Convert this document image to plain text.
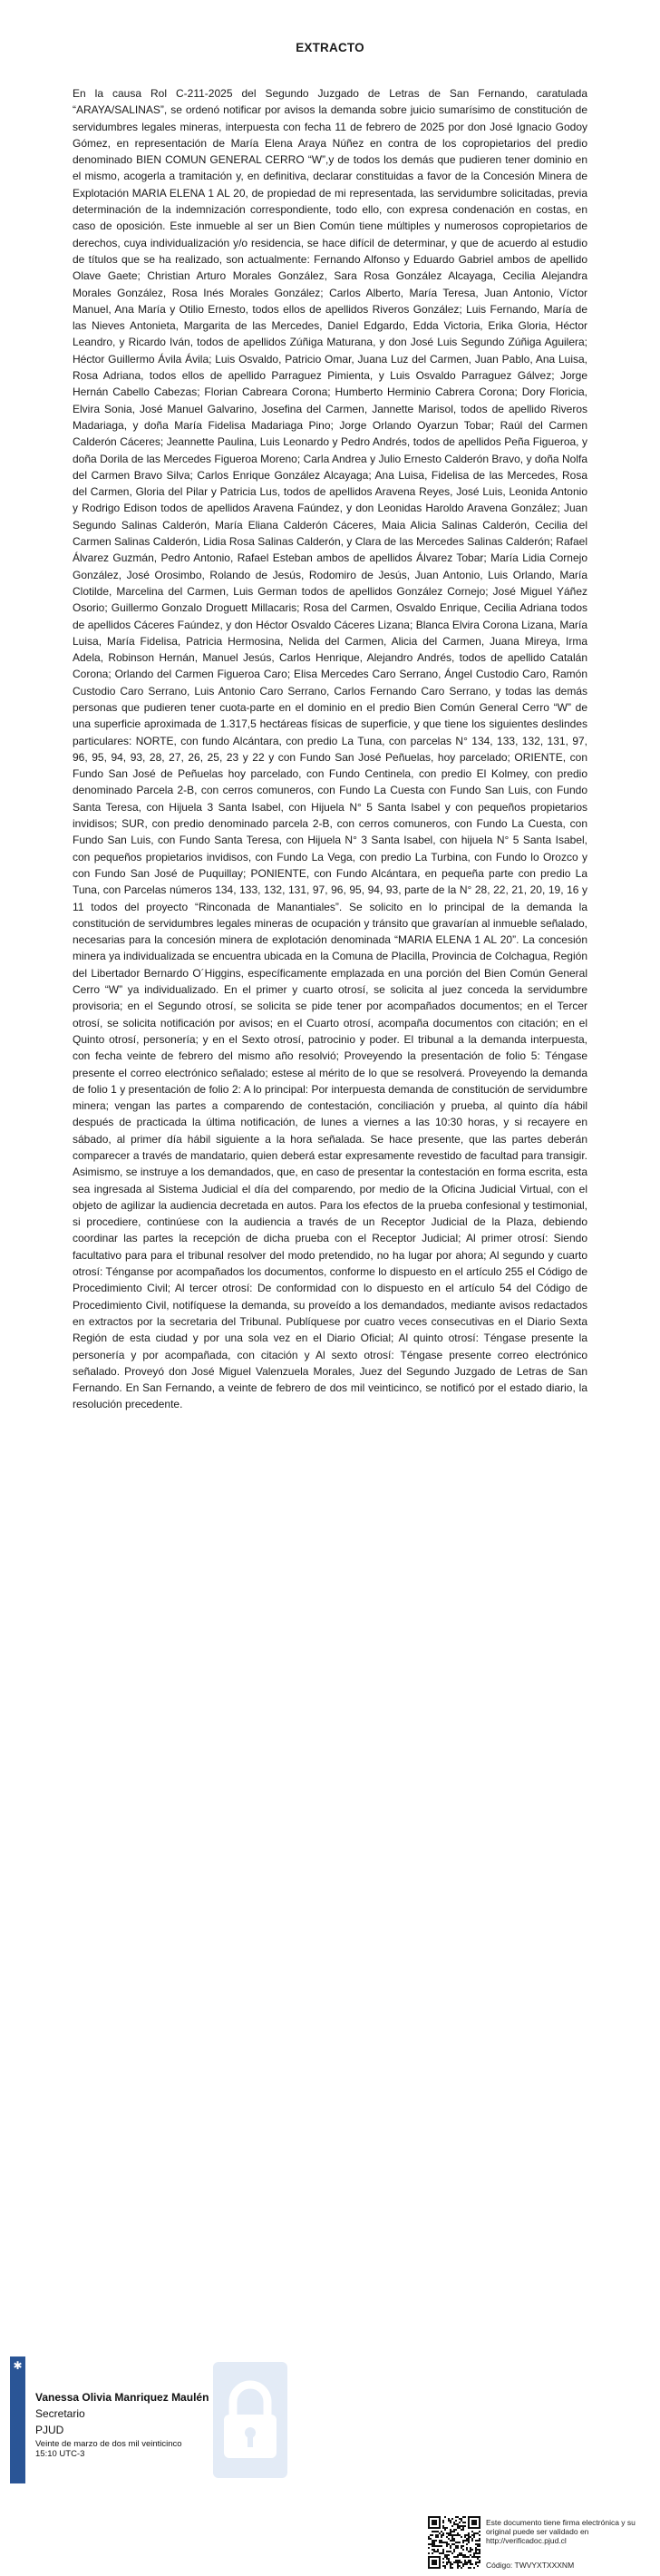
EXTRACTO
En la causa Rol C-211-2025 del Segundo Juzgado de Letras de San Fernando, caratulada “ARAYA/SALINAS”, se ordenó notificar por avisos la demanda sobre juicio sumarísimo de constitución de servidumbres legales mineras, interpuesta con fecha 11 de febrero de 2025 por don José Ignacio Godoy Gómez, en representación de María Elena Araya Núñez en contra de los copropietarios del predio denominado BIEN COMUN GENERAL CERRO “W”,y de todos los demás que pudieren tener dominio en el mismo, acogerla a tramitación y, en definitiva, declarar constituidas a favor de la Concesión Minera de Explotación MARIA ELENA 1 AL 20, de propiedad de mi representada, las servidumbre solicitadas, previa determinación de la indemnización correspondiente, todo ello, con expresa condenación en costas, en caso de oposición. Este inmueble al ser un Bien Común tiene múltiples y numerosos copropietarios de derechos, cuya individualización y/o residencia, se hace difícil de determinar, y que de acuerdo al estudio de títulos que se ha realizado, son actualmente: Fernando Alfonso y Eduardo Gabriel ambos de apellido Olave Gaete; Christian Arturo Morales González, Sara Rosa González Alcayaga, Cecilia Alejandra Morales González, Rosa Inés Morales González; Carlos Alberto, María Teresa, Juan Antonio, Víctor Manuel, Ana María y Otilio Ernesto, todos ellos de apellidos Riveros González; Luis Fernando, María de las Nieves Antonieta, Margarita de las Mercedes, Daniel Edgardo, Edda Victoria, Erika Gloria, Héctor Leandro, y Ricardo Iván, todos de apellidos Zúñiga Maturana, y don José Luis Segundo Zúñiga Aguilera; Héctor Guillermo Ávila Ávila; Luis Osvaldo, Patricio Omar, Juana Luz del Carmen, Juan Pablo, Ana Luisa, Rosa Adriana, todos ellos de apellido Parraguez Pimienta, y Luis Osvaldo Parraguez Gálvez; Jorge Hernán Cabello Cabezas; Florian Cabreara Corona; Humberto Herminio Cabrera Corona; Dory Floricia, Elvira Sonia, José Manuel Galvarino, Josefina del Carmen, Jannette Marisol, todos de apellido Riveros Madariaga, y doña María Fidelisa Madariaga Pino; Jorge Orlando Oyarzun Tobar; Raúl del Carmen Calderón Cáceres; Jeannette Paulina, Luis Leonardo y Pedro Andrés, todos de apellidos Peña Figueroa, y doña Dorila de las Mercedes Figueroa Moreno; Carla Andrea y Julio Ernesto Calderón Bravo, y doña Nolfa del Carmen Bravo Silva; Carlos Enrique González Alcayaga; Ana Luisa, Fidelisa de las Mercedes, Rosa del Carmen, Gloria del Pilar y Patricia Lus, todos de apellidos Aravena Reyes, José Luis, Leonida Antonio y Rodrigo Edison todos de apellidos Aravena Faúndez, y don Leonidas Haroldo Aravena González; Juan Segundo Salinas Calderón, María Eliana Calderón Cáceres, Maia Alicia Salinas Calderón, Cecilia del Carmen Salinas Calderón, Lidia Rosa Salinas Calderón, y Clara de las Mercedes Salinas Calderón; Rafael Álvarez Guzmán, Pedro Antonio, Rafael Esteban ambos de apellidos Álvarez Tobar; María Lidia Cornejo González, José Orosimbo, Rolando de Jesús, Rodomiro de Jesús, Juan Antonio, Luis Orlando, María Clotilde, Marcelina del Carmen, Luis German todos de apellidos González Cornejo; José Miguel Yáñez Osorio; Guillermo Gonzalo Droguett Millacaris; Rosa del Carmen, Osvaldo Enrique, Cecilia Adriana todos de apellidos Cáceres Faúndez, y don Héctor Osvaldo Cáceres Lizana; Blanca Elvira Corona Lizana, María Luisa, María Fidelisa, Patricia Hermosina, Nelida del Carmen, Alicia del Carmen, Juana Mireya, Irma Adela, Robinson Hernán, Manuel Jesús, Carlos Henrique, Alejandro Andrés, todos de apellido Catalán Corona; Orlando del Carmen Figueroa Caro; Elisa Mercedes Caro Serrano, Ángel Custodio Caro, Ramón Custodio Caro Serrano, Luis Antonio Caro Serrano, Carlos Fernando Caro Serrano, y todas las demás personas que pudieren tener cuota-parte en el dominio en el predio Bien Común General Cerro “W” de una superficie aproximada de 1.317,5 hectáreas físicas de superficie, y que tiene los siguientes deslindes particulares: NORTE, con fundo Alcántara, con predio La Tuna, con parcelas N° 134, 133, 132, 131, 97, 96, 95, 94, 93, 28, 27, 26, 25, 23 y 22 y con Fundo San José Peñuelas, hoy parcelado; ORIENTE, con Fundo San José de Peñuelas hoy parcelado, con Fundo Centinela, con predio El Kolmey, con predio denominado Parcela 2-B, con cerros comuneros, con Fundo La Cuesta con Fundo San Luis, con Fundo Santa Teresa, con Hijuela 3 Santa Isabel, con Hijuela N° 5 Santa Isabel y con pequeños propietarios invidisos; SUR, con predio denominado parcela 2-B, con cerros comuneros, con Fundo La Cuesta, con Fundo San Luis, con Fundo Santa Teresa, con Hijuela N° 3 Santa Isabel, con hijuela N° 5 Santa Isabel, con pequeños propietarios invidisos, con Fundo La Vega, con predio La Turbina, con Fundo lo Orozco y con Fundo San José de Puquillay; PONIENTE, con Fundo Alcántara, en pequeña parte con predio La Tuna, con Parcelas números 134, 133, 132, 131, 97, 96, 95, 94, 93, parte de la N° 28, 22, 21, 20, 19, 16 y 11 todos del proyecto “Rinconada de Manantiales”. Se solicito en lo principal de la demanda la constitución de servidumbres legales mineras de ocupación y tránsito que gravarían al inmueble señalado, necesarias para la concesión minera de explotación denominada “MARIA ELENA 1 AL 20”. La concesión minera ya individualizada se encuentra ubicada en la Comuna de Placilla, Provincia de Colchagua, Región del Libertador Bernardo O´Higgins, específicamente emplazada en una porción del Bien Común General Cerro “W” ya individualizado. En el primer y cuarto otrosí, se solicita al juez conceda la servidumbre provisoria; en el Segundo otrosí, se solicita se pide tener por acompañados documentos; en el Tercer otrosí, se solicita notificación por avisos; en el Cuarto otrosí, acompaña documentos con citación; en el Quinto otrosí, personería; y en el Sexto otrosí, patrocinio y poder. El tribunal a la demanda interpuesta, con fecha veinte de febrero del mismo año resolvió; Proveyendo la presentación de folio 5: Téngase presente el correo electrónico señalado; estese al mérito de lo que se resolverá. Proveyendo la demanda de folio 1 y presentación de folio 2: A lo principal: Por interpuesta demanda de constitución de servidumbre minera; vengan las partes a comparendo de contestación, conciliación y prueba, al quinto día hábil después de practicada la última notificación, de lunes a viernes a las 10:30 horas, y si recayere en sábado, al primer día hábil siguiente a la hora señalada. Se hace presente, que las partes deberán comparecer a través de mandatario, quien deberá estar expresamente revestido de facultad para transigir. Asimismo, se instruye a los demandados, que, en caso de presentar la contestación en forma escrita, esta sea ingresada al Sistema Judicial el día del comparendo, por medio de la Oficina Judicial Virtual, con el objeto de agilizar la audiencia decretada en autos. Para los efectos de la prueba confesional y testimonial, si procediere, continúese con la audiencia a través de un Receptor Judicial de la Plaza, debiendo coordinar las partes la recepción de dicha prueba con el Receptor Judicial; Al primer otrosí: Siendo facultativo para para el tribunal resolver del modo pretendido, no ha lugar por ahora; Al segundo y cuarto otrosí: Ténganse por acompañados los documentos, conforme lo dispuesto en el artículo 255 el Código de Procedimiento Civil; Al tercer otrosí: De conformidad con lo dispuesto en el artículo 54 del Código de Procedimiento Civil, notifíquese la demanda, su proveído a los demandados, mediante avisos redactados en extractos por la secretaria del Tribunal. Publíquese por cuatro veces consecutivas en el Diario Sexta Región de esta ciudad y por una sola vez en el Diario Oficial; Al quinto otrosí: Téngase presente la personería y por acompañada, con citación y Al sexto otrosí: Téngase presente correo electrónico señalado. Proveyó don José Miguel Valenzuela Morales, Juez del Segundo Juzgado de Letras de San Fernando. En San Fernando, a veinte de febrero de dos mil veinticinco, se notificó por el estado diario, la resolución precedente.
✱
Vanessa Olivia Manriquez Maulén
Secretario
PJUD
Veinte de marzo de dos mil veinticinco
15:10 UTC-3
Este documento tiene firma electrónica y su original puede ser validado en http://verificadoc.pjud.cl
Código: TWVYXTXXXNM
